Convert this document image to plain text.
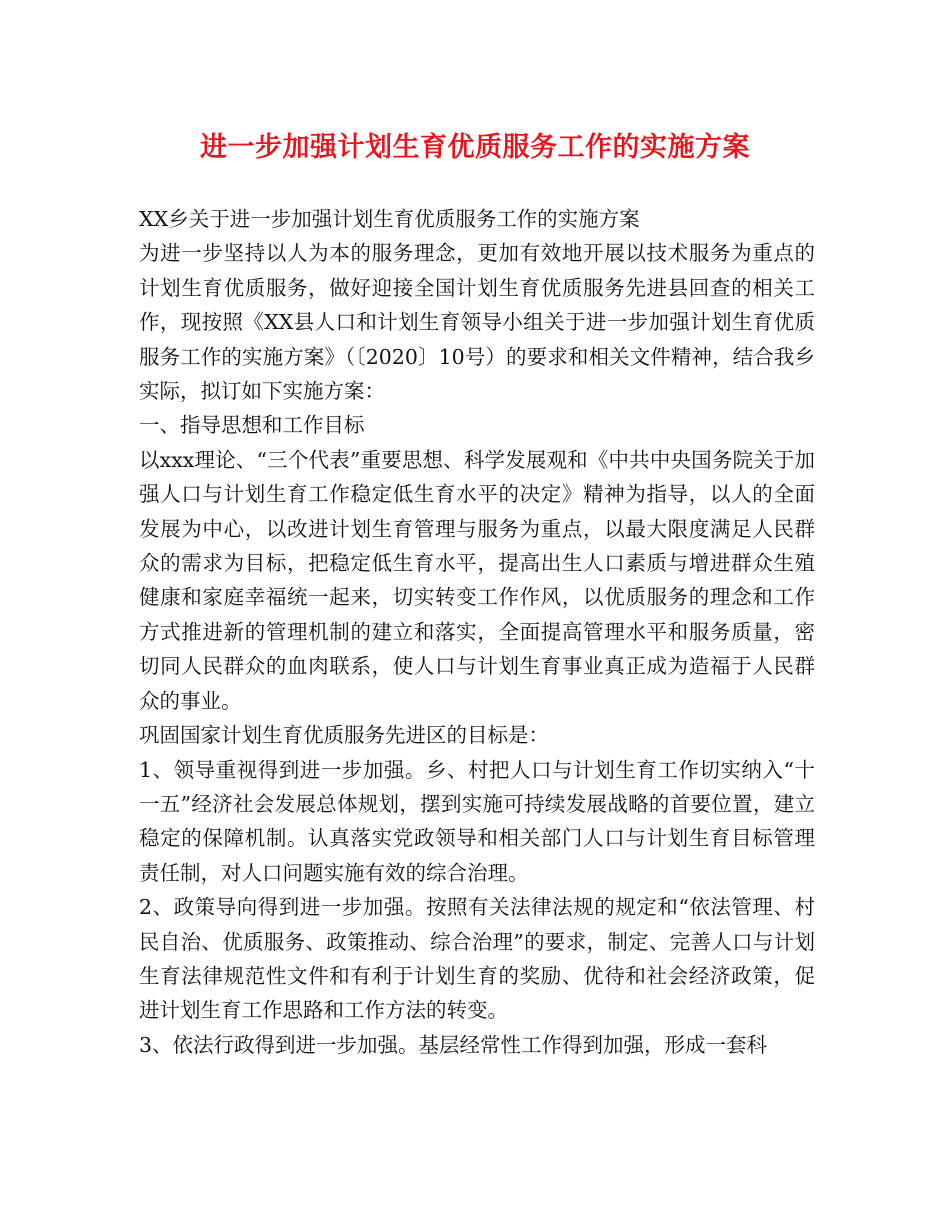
进一步加强计划生育优质服务工作的实施方案

XX乡关于进一步加强计划生育优质服务工作的实施方案

为进一步坚持以人为本的服务理念，更加有效地开展以技术服务为重点的计划生育优质服务，做好迎接全国计划生育优质服务先进县回查的相关工作，现按照《XX县人口和计划生育领导小组关于进一步加强计划生育优质服务工作的实施方案》（〔2020〕10号）的要求和相关文件精神，结合我乡实际，拟订如下实施方案：

一、指导思想和工作目标

以xxx理论、“三个代表”重要思想、科学发展观和《中共中央国务院关于加强人口与计划生育工作稳定低生育水平的决定》精神为指导，以人的全面发展为中心，以改进计划生育管理与服务为重点，以最大限度满足人民群众的需求为目标，把稳定低生育水平，提高出生人口素质与增进群众生殖健康和家庭幸福统一起来，切实转变工作作风，以优质服务的理念和工作方式推进新的管理机制的建立和落实，全面提高管理水平和服务质量，密切同人民群众的血肉联系，使人口与计划生育事业真正成为造福于人民群众的事业。

巩固国家计划生育优质服务先进区的目标是：

1、领导重视得到进一步加强。乡、村把人口与计划生育工作切实纳入“十一五”经济社会发展总体规划，摆到实施可持续发展战略的首要位置，建立稳定的保障机制。认真落实党政领导和相关部门人口与计划生育目标管理责任制，对人口问题实施有效的综合治理。

2、政策导向得到进一步加强。按照有关法律法规的规定和“依法管理、村民自治、优质服务、政策推动、综合治理”的要求，制定、完善人口与计划生育法律规范性文件和有利于计划生育的奖励、优待和社会经济政策，促进计划生育工作思路和工作方法的转变。

3、依法行政得到进一步加强。基层经常性工作得到加强，形成一套科
